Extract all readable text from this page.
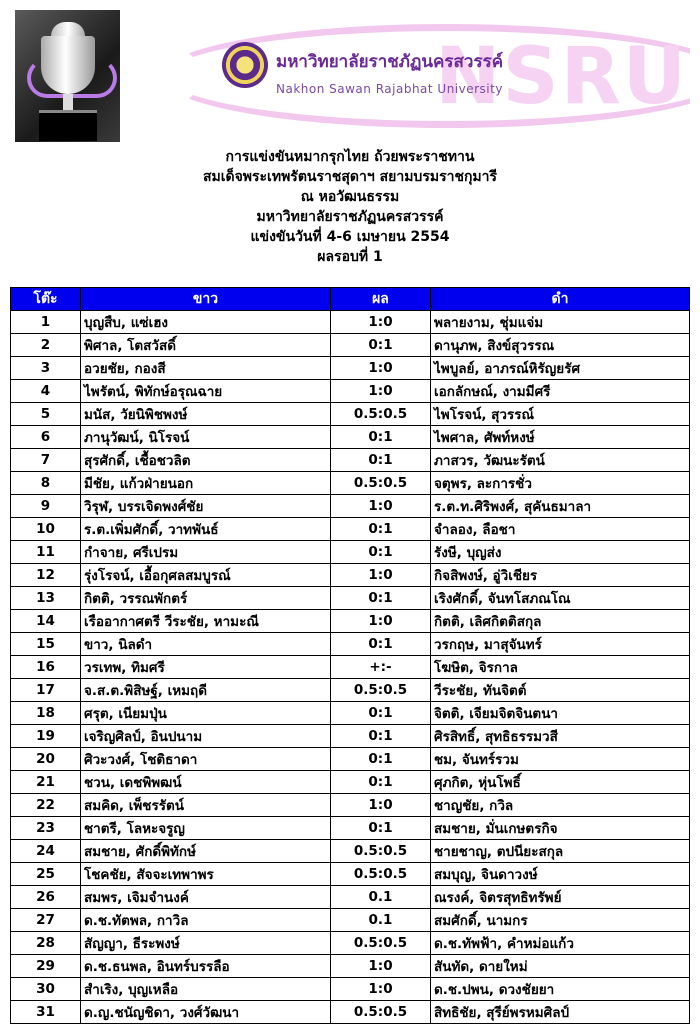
NSRU
มหาวิทยาลัยราชภัฏนครสวรรค์
Nakhon Sawan Rajabhat University
การแข่งขันหมากรุกไทย ถ้วยพระราชทาน
สมเด็จพระเทพรัตนราชสุดาฯ สยามบรมราชกุมารี
ณ หอวัฒนธรรม
มหาวิทยาลัยราชภัฏนครสวรรค์
แข่งขันวันที่ 4-6 เมษายน 2554
ผลรอบที่ 1
โต๊ะ	ขาว	ผล	ดำ
1	บุญสืบ, แซ่เฮง	1:0	พลายงาม, ชุ่มแจ่ม
2	พิศาล, โตสวัสดิ์	0:1	ดานุภพ, สิงข์สุวรรณ
3	อวยชัย, กองสี	1:0	ไพบูลย์, อาภรณ์หิรัญยรัศ
4	ไพรัตน์, พิทักษ์อรุณฉาย	1:0	เอกลักษณ์, งามมีศรี
5	มนัส, วัยนิพิชพงษ์	0.5:0.5	ไพโรจน์, สุวรรณ์
6	ภานุวัฒน์, นิโรจน์	0:1	ไพศาล, ศัพท์หงษ์
7	สุรศักดิ์, เชื้อชวลิต	0:1	ภาสวร, วัฒนะรัตน์
8	มีชัย, แก้วฝ่ายนอก	0.5:0.5	จตุพร, ละการชั่ว
9	วิรุฬ, บรรเจิดพงศ์ชัย	1:0	ร.ต.ท.ศิริพงศ์, สุคันธมาลา
10	ร.ต.เพิ่มศักดิ์, วาทพันธ์	0:1	จำลอง, ลือชา
11	กำจาย, ศรีเปรม	0:1	รังษี, บุญส่ง
12	รุ่งโรจน์, เอื้อกุศลสมบูรณ์	1:0	กิจสิพงษ์, อู่วิเชียร
13	กิตติ, วรรณพักตร์	0:1	เริงศักดิ์, จันทโสภณโณ
14	เรืออากาศตรี วีระชัย, หามะณี	1:0	กิตติ, เลิศกิตติสกุล
15	ขาว, นิลดำ	0:1	วรกฤษ, มาสุจันทร์
16	วรเทพ, ทิมศรี	+:-	โฆษิต, จิรกาล
17	จ.ส.ต.พิสิษฐ์, เหมฤดี	0.5:0.5	วีระชัย, ทันจิตต์
18	ศรุต, เนียมปุ่น	0:1	จิตติ, เจียมจิตจินตนา
19	เจริญศิลป์, อินปนาม	0:1	ศิรสิทธิ์, สุทธิธรรมวสี
20	ศิวะวงศ์, โชติธาดา	0:1	ชม, จันทร์รวม
21	ชวน, เดชพิพฒน์	0:1	ศุภกิต, หุ่นโพธิ์
22	สมคิด, เพ็ชรรัตน์	1:0	ชาญชัย, กวิล
23	ชาตรี, โลหะจรูญ	0:1	สมชาย, มั่นเกษตรกิจ
24	สมชาย, ศักดิ์พิทักษ์	0.5:0.5	ชายชาญ, ตปนียะสกุล
25	โชคชัย, สัจจะเทพาพร	0.5:0.5	สมบุญ, จินดาวงษ์
26	สมพร, เจิมจำนงค์	0.1	ณรงค์, จิตรสุทธิทรัพย์
27	ด.ช.ทัตพล, กาวิล	0.1	สมศักดิ์, นามกร
28	สัญญา, ธีระพงษ์	0.5:0.5	ด.ช.ทัพฟ้า, คำหม่อแก้ว
29	ด.ช.ธนพล, อินทร์บรรลือ	1:0	สันทัด, ดายใหม่
30	สำเริง, บุญเหลือ	1:0	ด.ช.ปพน, ดวงชัยยา
31	ด.ญ.ชนัญชิดา, วงศ์วัฒนา	0.5:0.5	สิทธิชัย, สุรีย์พรหมศิลป์
